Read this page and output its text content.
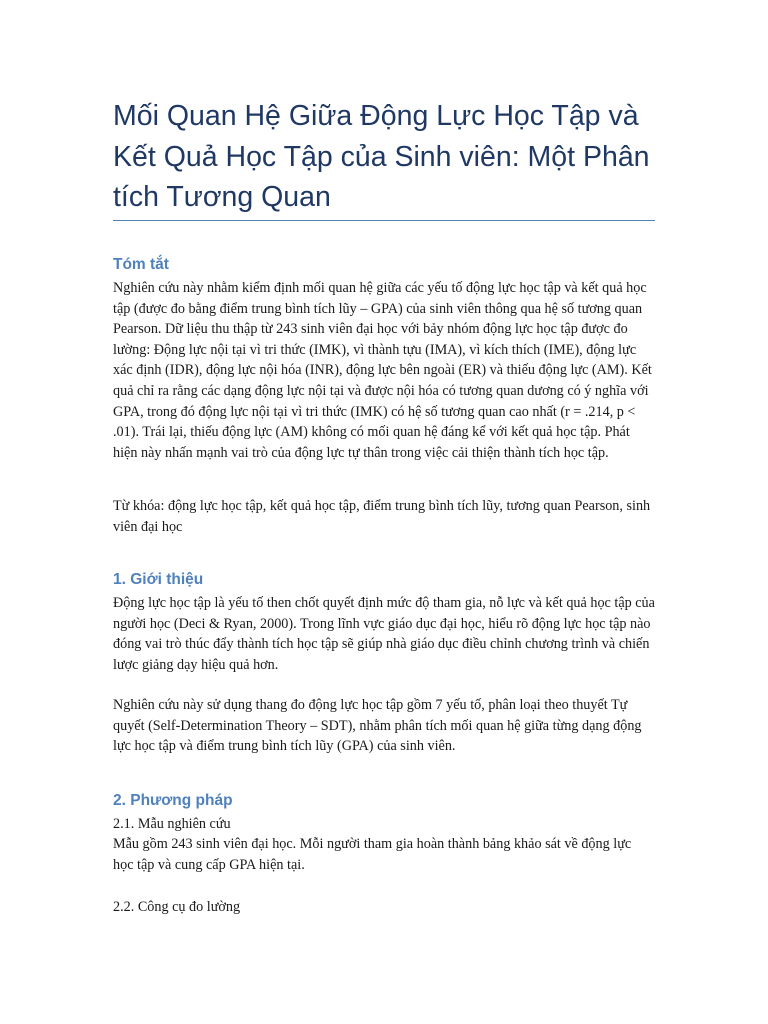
Mối Quan Hệ Giữa Động Lực Học Tập và Kết Quả Học Tập của Sinh viên: Một Phân tích Tương Quan
Tóm tắt

Nghiên cứu này nhằm kiểm định mối quan hệ giữa các yếu tố động lực học tập và kết quả học tập (được đo bằng điểm trung bình tích lũy – GPA) của sinh viên thông qua hệ số tương quan Pearson. Dữ liệu thu thập từ 243 sinh viên đại học với bảy nhóm động lực học tập được đo lường: Động lực nội tại vì tri thức (IMK), vì thành tựu (IMA), vì kích thích (IME), động lực xác định (IDR), động lực nội hóa (INR), động lực bên ngoài (ER) và thiếu động lực (AM). Kết quả chỉ ra rằng các dạng động lực nội tại và được nội hóa có tương quan dương có ý nghĩa với GPA, trong đó động lực nội tại vì tri thức (IMK) có hệ số tương quan cao nhất (r = .214, p < .01). Trái lại, thiếu động lực (AM) không có mối quan hệ đáng kể với kết quả học tập. Phát hiện này nhấn mạnh vai trò của động lực tự thân trong việc cải thiện thành tích học tập.

Từ khóa: động lực học tập, kết quả học tập, điểm trung bình tích lũy, tương quan Pearson, sinh viên đại học

1. Giới thiệu

Động lực học tập là yếu tố then chốt quyết định mức độ tham gia, nỗ lực và kết quả học tập của người học (Deci & Ryan, 2000). Trong lĩnh vực giáo dục đại học, hiểu rõ động lực học tập nào đóng vai trò thúc đẩy thành tích học tập sẽ giúp nhà giáo dục điều chỉnh chương trình và chiến lược giảng dạy hiệu quả hơn.

Nghiên cứu này sử dụng thang đo động lực học tập gồm 7 yếu tố, phân loại theo thuyết Tự quyết (Self-Determination Theory – SDT), nhằm phân tích mối quan hệ giữa từng dạng động lực học tập và điểm trung bình tích lũy (GPA) của sinh viên.

2. Phương pháp

2.1. Mẫu nghiên cứu

Mẫu gồm 243 sinh viên đại học. Mỗi người tham gia hoàn thành bảng khảo sát về động lực học tập và cung cấp GPA hiện tại.

2.2. Công cụ đo lường
